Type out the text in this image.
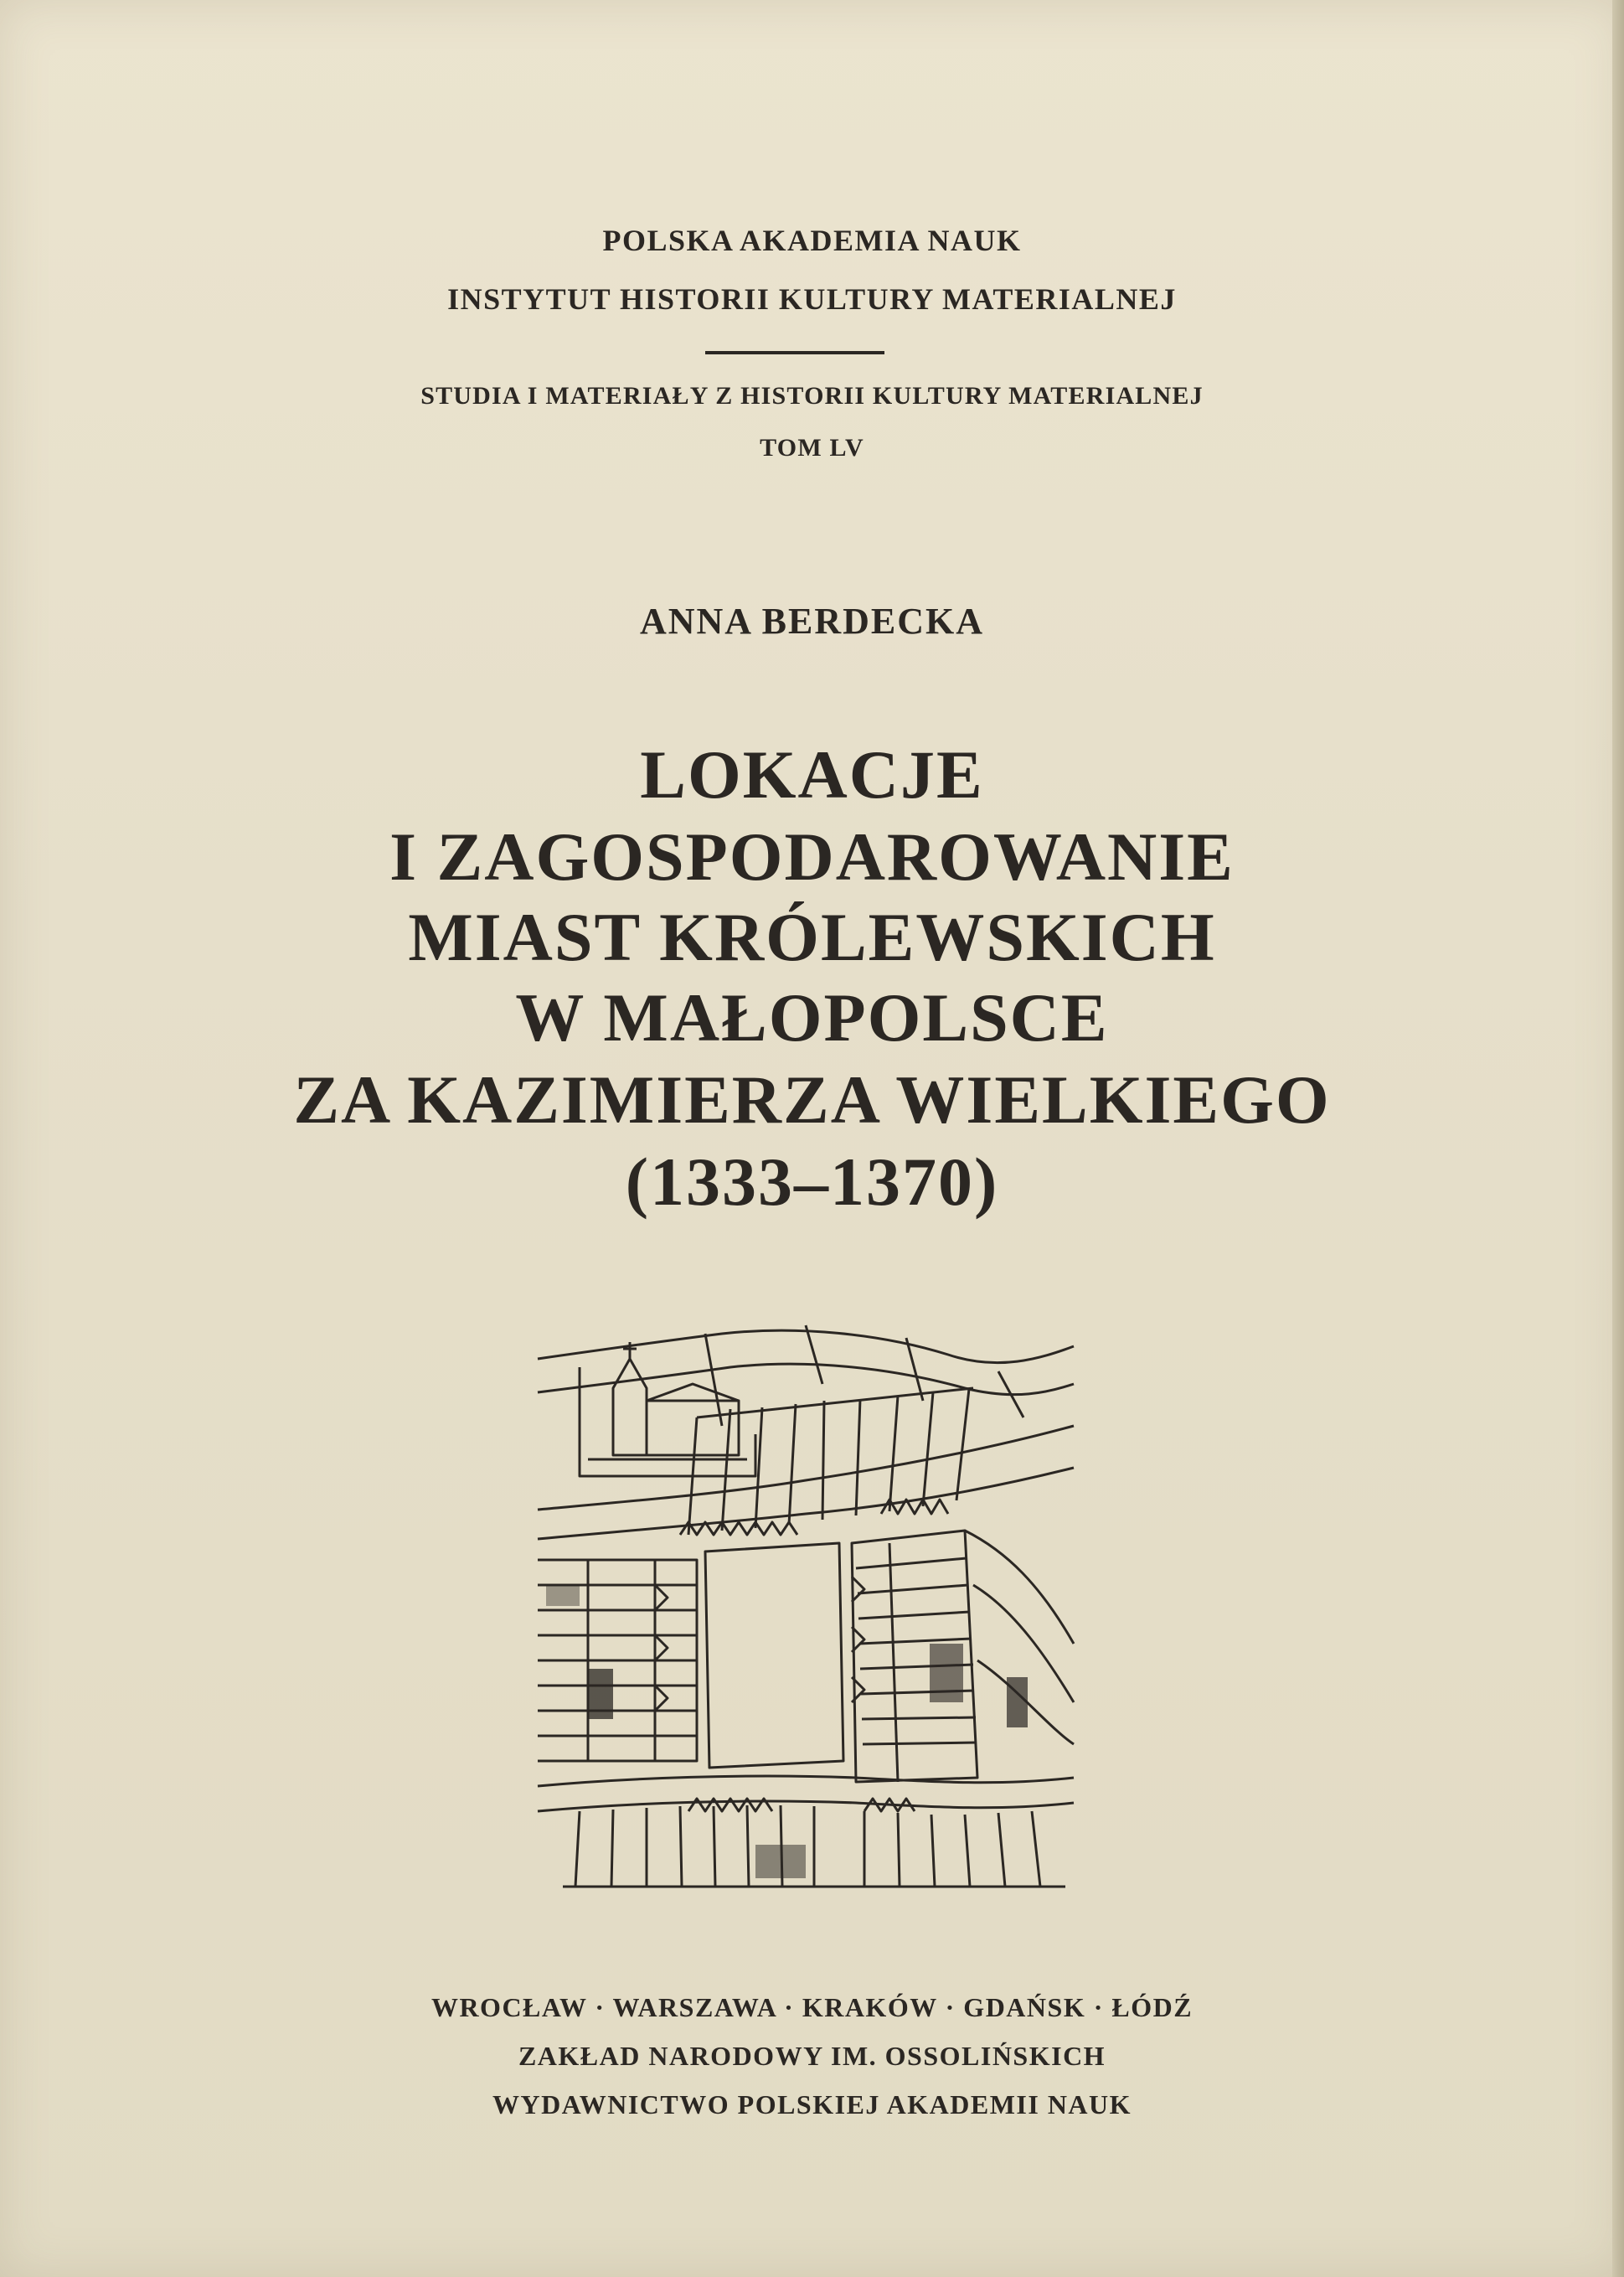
POLSKA AKADEMIA NAUK
INSTYTUT HISTORII KULTURY MATERIALNEJ
STUDIA I MATERIAŁY Z HISTORII KULTURY MATERIALNEJ
TOM LV
ANNA BERDECKA
LOKACJE
I ZAGOSPODAROWANIE
MIAST KRÓLEWSKICH
W MAŁOPOLSCE
ZA KAZIMIERZA WIELKIEGO
(1333–1370)
WROCŁAW · WARSZAWA · KRAKÓW · GDAŃSK · ŁÓDŹ
ZAKŁAD NARODOWY IM. OSSOLIŃSKICH
WYDAWNICTWO POLSKIEJ AKADEMII NAUK
